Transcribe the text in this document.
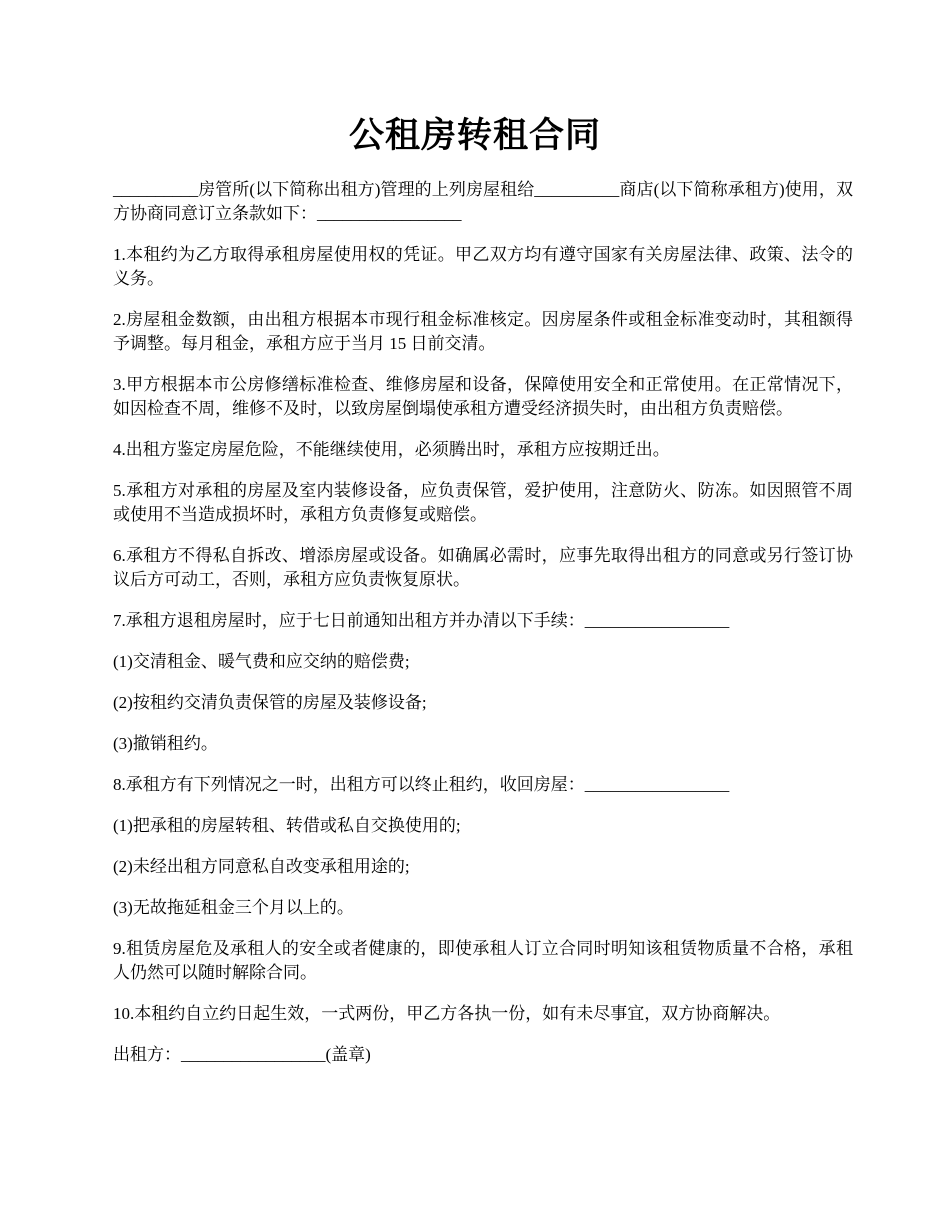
公租房转租合同

__________房管所(以下简称出租方)管理的上列房屋租给__________商店(以下简称承租方)使用，双方协商同意订立条款如下：_________________

1.本租约为乙方取得承租房屋使用权的凭证。甲乙双方均有遵守国家有关房屋法律、政策、法令的义务。

2.房屋租金数额，由出租方根据本市现行租金标准核定。因房屋条件或租金标准变动时，其租额得予调整。每月租金，承租方应于当月 15 日前交清。

3.甲方根据本市公房修缮标准检查、维修房屋和设备，保障使用安全和正常使用。在正常情况下，如因检查不周，维修不及时，以致房屋倒塌使承租方遭受经济损失时，由出租方负责赔偿。

4.出租方鉴定房屋危险，不能继续使用，必须腾出时，承租方应按期迁出。

5.承租方对承租的房屋及室内装修设备，应负责保管，爱护使用，注意防火、防冻。如因照管不周或使用不当造成损坏时，承租方负责修复或赔偿。

6.承租方不得私自拆改、增添房屋或设备。如确属必需时，应事先取得出租方的同意或另行签订协议后方可动工，否则，承租方应负责恢复原状。

7.承租方退租房屋时，应于七日前通知出租方并办清以下手续：_________________

(1)交清租金、暖气费和应交纳的赔偿费;

(2)按租约交清负责保管的房屋及装修设备;

(3)撤销租约。

8.承租方有下列情况之一时，出租方可以终止租约，收回房屋：_________________

(1)把承租的房屋转租、转借或私自交换使用的;

(2)未经出租方同意私自改变承租用途的;

(3)无故拖延租金三个月以上的。

9.租赁房屋危及承租人的安全或者健康的，即使承租人订立合同时明知该租赁物质量不合格，承租人仍然可以随时解除合同。

10.本租约自立约日起生效，一式两份，甲乙方各执一份，如有未尽事宜，双方协商解决。

出租方：_________________(盖章)
